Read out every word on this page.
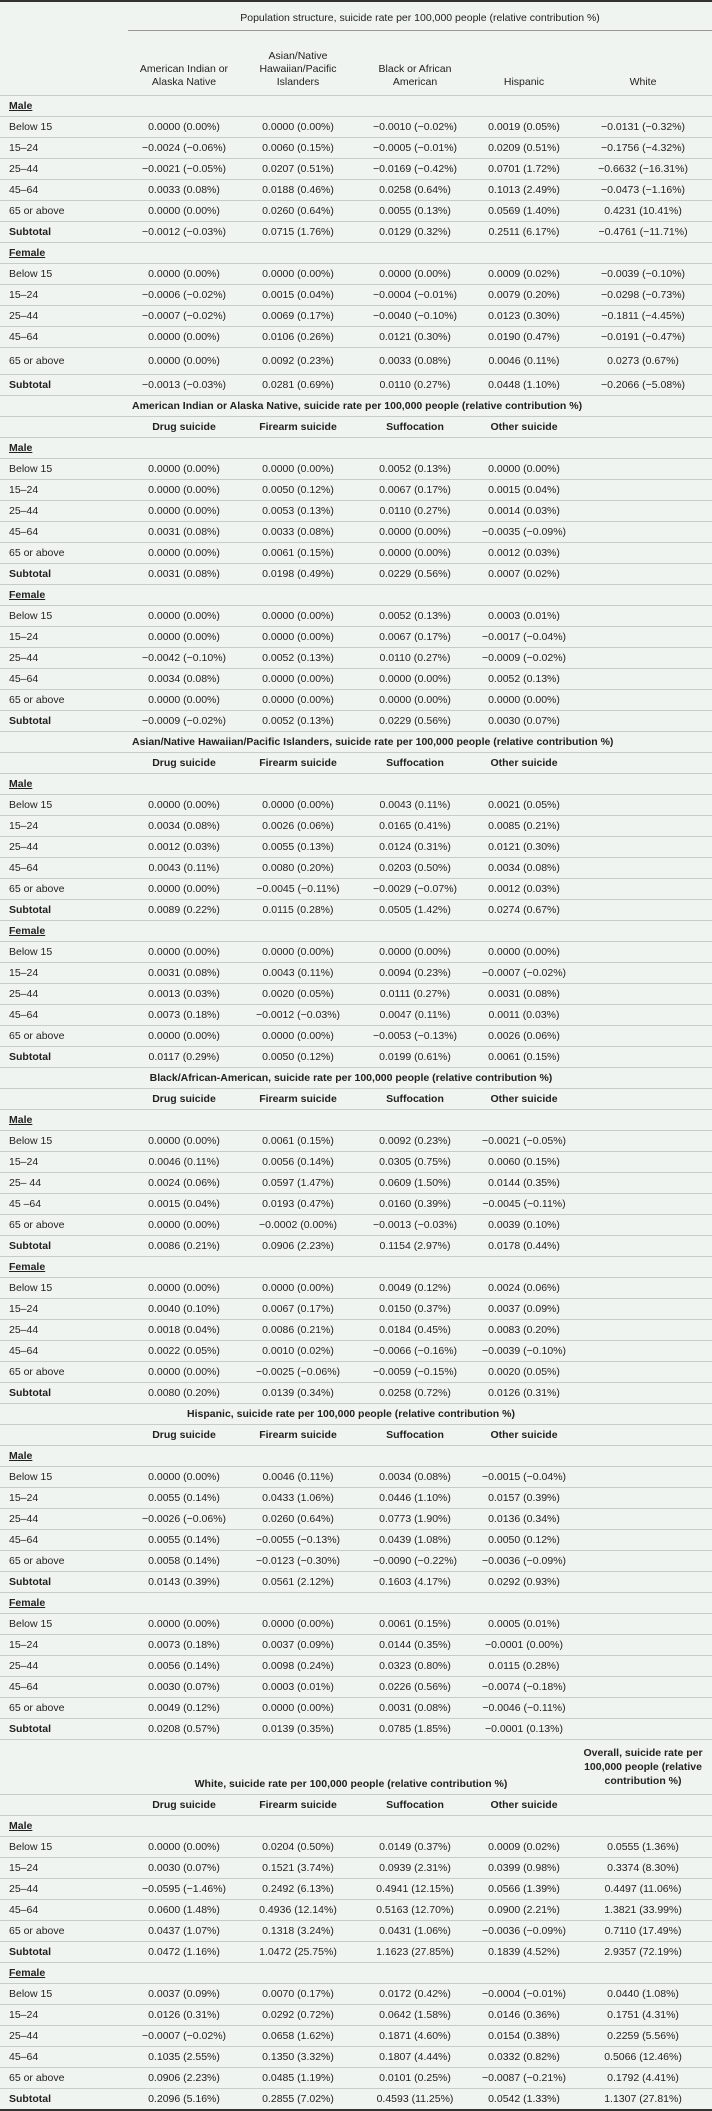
	Population structure, suicide rate per 100,000 people (relative contribution %)				
	American Indian or Alaska Native	Asian/Native Hawaiian/Pacific Islanders	Black or African American	Hispanic	White
Male					
Below 15	0.0000 (0.00%)	0.0000 (0.00%)	−0.0010 (−0.02%)	0.0019 (0.05%)	−0.0131 (−0.32%)
15–24	−0.0024 (−0.06%)	0.0060 (0.15%)	−0.0005 (−0.01%)	0.0209 (0.51%)	−0.1756 (−4.32%)
25–44	−0.0021 (−0.05%)	0.0207 (0.51%)	−0.0169 (−0.42%)	0.0701 (1.72%)	−0.6632 (−16.31%)
45–64	0.0033 (0.08%)	0.0188 (0.46%)	0.0258 (0.64%)	0.1013 (2.49%)	−0.0473 (−1.16%)
65 or above	0.0000 (0.00%)	0.0260 (0.64%)	0.0055 (0.13%)	0.0569 (1.40%)	0.4231 (10.41%)
Subtotal	−0.0012 (−0.03%)	0.0715 (1.76%)	0.0129 (0.32%)	0.2511 (6.17%)	−0.4761 (−11.71%)
Female					
Below 15	0.0000 (0.00%)	0.0000 (0.00%)	0.0000 (0.00%)	0.0009 (0.02%)	−0.0039 (−0.10%)
15–24	−0.0006 (−0.02%)	0.0015 (0.04%)	−0.0004 (−0.01%)	0.0079 (0.20%)	−0.0298 (−0.73%)
25–44	−0.0007 (−0.02%)	0.0069 (0.17%)	−0.0040 (−0.10%)	0.0123 (0.30%)	−0.1811 (−4.45%)
45–64	0.0000 (0.00%)	0.0106 (0.26%)	0.0121 (0.30%)	0.0190 (0.47%)	−0.0191 (−0.47%)
65 or above	0.0000 (0.00%)	0.0092 (0.23%)	0.0033 (0.08%)	0.0046 (0.11%)	0.0273 (0.67%)
Subtotal	−0.0013 (−0.03%)	0.0281 (0.69%)	0.0110 (0.27%)	0.0448 (1.10%)	−0.2066 (−5.08%)
	American Indian or Alaska Native, suicide rate per 100,000 people (relative contribution %)				
	Drug suicide	Firearm suicide	Suffocation	Other suicide	
Male					
Below 15	0.0000 (0.00%)	0.0000 (0.00%)	0.0052 (0.13%)	0.0000 (0.00%)	
15–24	0.0000 (0.00%)	0.0050 (0.12%)	0.0067 (0.17%)	0.0015 (0.04%)	
25–44	0.0000 (0.00%)	0.0053 (0.13%)	0.0110 (0.27%)	0.0014 (0.03%)	
45–64	0.0031 (0.08%)	0.0033 (0.08%)	0.0000 (0.00%)	−0.0035 (−0.09%)	
65 or above	0.0000 (0.00%)	0.0061 (0.15%)	0.0000 (0.00%)	0.0012 (0.03%)	
Subtotal	0.0031 (0.08%)	0.0198 (0.49%)	0.0229 (0.56%)	0.0007 (0.02%)	
Female					
Below 15	0.0000 (0.00%)	0.0000 (0.00%)	0.0052 (0.13%)	0.0003 (0.01%)	
15–24	0.0000 (0.00%)	0.0000 (0.00%)	0.0067 (0.17%)	−0.0017 (−0.04%)	
25–44	−0.0042 (−0.10%)	0.0052 (0.13%)	0.0110 (0.27%)	−0.0009 (−0.02%)	
45–64	0.0034 (0.08%)	0.0000 (0.00%)	0.0000 (0.00%)	0.0052 (0.13%)	
65 or above	0.0000 (0.00%)	0.0000 (0.00%)	0.0000 (0.00%)	0.0000 (0.00%)	
Subtotal	−0.0009 (−0.02%)	0.0052 (0.13%)	0.0229 (0.56%)	0.0030 (0.07%)	
	Asian/Native Hawaiian/Pacific Islanders, suicide rate per 100,000 people (relative contribution %)				
	Drug suicide	Firearm suicide	Suffocation	Other suicide	
Male					
Below 15	0.0000 (0.00%)	0.0000 (0.00%)	0.0043 (0.11%)	0.0021 (0.05%)	
15–24	0.0034 (0.08%)	0.0026 (0.06%)	0.0165 (0.41%)	0.0085 (0.21%)	
25–44	0.0012 (0.03%)	0.0055 (0.13%)	0.0124 (0.31%)	0.0121 (0.30%)	
45–64	0.0043 (0.11%)	0.0080 (0.20%)	0.0203 (0.50%)	0.0034 (0.08%)	
65 or above	0.0000 (0.00%)	−0.0045 (−0.11%)	−0.0029 (−0.07%)	0.0012 (0.03%)	
Subtotal	0.0089 (0.22%)	0.0115 (0.28%)	0.0505 (1.42%)	0.0274 (0.67%)	
Female					
Below 15	0.0000 (0.00%)	0.0000 (0.00%)	0.0000 (0.00%)	0.0000 (0.00%)	
15–24	0.0031 (0.08%)	0.0043 (0.11%)	0.0094 (0.23%)	−0.0007 (−0.02%)	
25–44	0.0013 (0.03%)	0.0020 (0.05%)	0.0111 (0.27%)	0.0031 (0.08%)	
45–64	0.0073 (0.18%)	−0.0012 (−0.03%)	0.0047 (0.11%)	0.0011 (0.03%)	
65 or above	0.0000 (0.00%)	0.0000 (0.00%)	−0.0053 (−0.13%)	0.0026 (0.06%)	
Subtotal	0.0117 (0.29%)	0.0050 (0.12%)	0.0199 (0.61%)	0.0061 (0.15%)	
	Black/African-American, suicide rate per 100,000 people (relative contribution %)				
	Drug suicide	Firearm suicide	Suffocation	Other suicide	
Male					
Below 15	0.0000 (0.00%)	0.0061 (0.15%)	0.0092 (0.23%)	−0.0021 (−0.05%)	
15–24	0.0046 (0.11%)	0.0056 (0.14%)	0.0305 (0.75%)	0.0060 (0.15%)	
25– 44	0.0024 (0.06%)	0.0597 (1.47%)	0.0609 (1.50%)	0.0144 (0.35%)	
45 –64	0.0015 (0.04%)	0.0193 (0.47%)	0.0160 (0.39%)	−0.0045 (−0.11%)	
65 or above	0.0000 (0.00%)	−0.0002 (0.00%)	−0.0013 (−0.03%)	0.0039 (0.10%)	
Subtotal	0.0086 (0.21%)	0.0906 (2.23%)	0.1154 (2.97%)	0.0178 (0.44%)	
Female					
Below 15	0.0000 (0.00%)	0.0000 (0.00%)	0.0049 (0.12%)	0.0024 (0.06%)	
15–24	0.0040 (0.10%)	0.0067 (0.17%)	0.0150 (0.37%)	0.0037 (0.09%)	
25–44	0.0018 (0.04%)	0.0086 (0.21%)	0.0184 (0.45%)	0.0083 (0.20%)	
45–64	0.0022 (0.05%)	0.0010 (0.02%)	−0.0066 (−0.16%)	−0.0039 (−0.10%)	
65 or above	0.0000 (0.00%)	−0.0025 (−0.06%)	−0.0059 (−0.15%)	0.0020 (0.05%)	
Subtotal	0.0080 (0.20%)	0.0139 (0.34%)	0.0258 (0.72%)	0.0126 (0.31%)	
	Hispanic, suicide rate per 100,000 people (relative contribution %)				
	Drug suicide	Firearm suicide	Suffocation	Other suicide	
Male					
Below 15	0.0000 (0.00%)	0.0046 (0.11%)	0.0034 (0.08%)	−0.0015 (−0.04%)	
15–24	0.0055 (0.14%)	0.0433 (1.06%)	0.0446 (1.10%)	0.0157 (0.39%)	
25–44	−0.0026 (−0.06%)	0.0260 (0.64%)	0.0773 (1.90%)	0.0136 (0.34%)	
45–64	0.0055 (0.14%)	−0.0055 (−0.13%)	0.0439 (1.08%)	0.0050 (0.12%)	
65 or above	0.0058 (0.14%)	−0.0123 (−0.30%)	−0.0090 (−0.22%)	−0.0036 (−0.09%)	
Subtotal	0.0143 (0.39%)	0.0561 (2.12%)	0.1603 (4.17%)	0.0292 (0.93%)	
Female					
Below 15	0.0000 (0.00%)	0.0000 (0.00%)	0.0061 (0.15%)	0.0005 (0.01%)	
15–24	0.0073 (0.18%)	0.0037 (0.09%)	0.0144 (0.35%)	−0.0001 (0.00%)	
25–44	0.0056 (0.14%)	0.0098 (0.24%)	0.0323 (0.80%)	0.0115 (0.28%)	
45–64	0.0030 (0.07%)	0.0003 (0.01%)	0.0226 (0.56%)	−0.0074 (−0.18%)	
65 or above	0.0049 (0.12%)	0.0000 (0.00%)	0.0031 (0.08%)	−0.0046 (−0.11%)	
Subtotal	0.0208 (0.57%)	0.0139 (0.35%)	0.0785 (1.85%)	−0.0001 (0.13%)	
	White, suicide rate per 100,000 people (relative contribution %)				Overall, suicide rate per 100,000 people (relative contribution %)
	Drug suicide	Firearm suicide	Suffocation	Other suicide	
Male					
Below 15	0.0000 (0.00%)	0.0204 (0.50%)	0.0149 (0.37%)	0.0009 (0.02%)	0.0555 (1.36%)
15–24	0.0030 (0.07%)	0.1521 (3.74%)	0.0939 (2.31%)	0.0399 (0.98%)	0.3374 (8.30%)
25–44	−0.0595 (−1.46%)	0.2492 (6.13%)	0.4941 (12.15%)	0.0566 (1.39%)	0.4497 (11.06%)
45–64	0.0600 (1.48%)	0.4936 (12.14%)	0.5163 (12.70%)	0.0900 (2.21%)	1.3821 (33.99%)
65 or above	0.0437 (1.07%)	0.1318 (3.24%)	0.0431 (1.06%)	−0.0036 (−0.09%)	0.7110 (17.49%)
Subtotal	0.0472 (1.16%)	1.0472 (25.75%)	1.1623 (27.85%)	0.1839 (4.52%)	2.9357 (72.19%)
Female					
Below 15	0.0037 (0.09%)	0.0070 (0.17%)	0.0172 (0.42%)	−0.0004 (−0.01%)	0.0440 (1.08%)
15–24	0.0126 (0.31%)	0.0292 (0.72%)	0.0642 (1.58%)	0.0146 (0.36%)	0.1751 (4.31%)
25–44	−0.0007 (−0.02%)	0.0658 (1.62%)	0.1871 (4.60%)	0.0154 (0.38%)	0.2259 (5.56%)
45–64	0.1035 (2.55%)	0.1350 (3.32%)	0.1807 (4.44%)	0.0332 (0.82%)	0.5066 (12.46%)
65 or above	0.0906 (2.23%)	0.0485 (1.19%)	0.0101 (0.25%)	−0.0087 (−0.21%)	0.1792 (4.41%)
Subtotal	0.2096 (5.16%)	0.2855 (7.02%)	0.4593 (11.25%)	0.0542 (1.33%)	1.1307 (27.81%)
